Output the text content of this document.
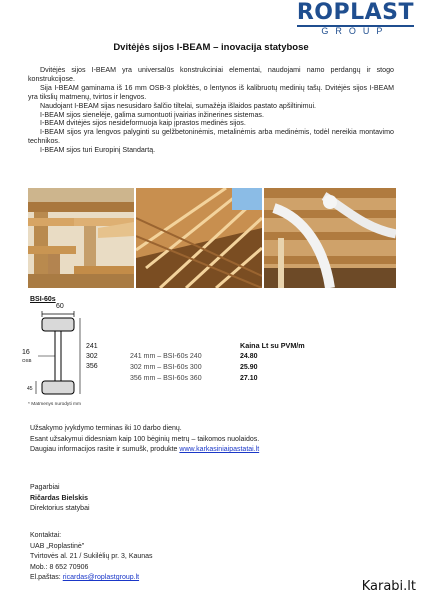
ROPLAST
GROUP
Dvitėjės sijos I-BEAM – inovacija statybose

Dvitėjės sijos I-BEAM yra universalūs konstrukciniai elementai, naudojami namo perdangų ir stogo konstrukcijose.

Sija I-BEAM gaminama iš 16 mm OSB-3 plokštės, o lentynos iš kalibruotų medinių tašų. Dvitėjės sijos I-BEAM yra tikslių matmenų, tvirtos ir lengvos.

Naudojant I-BEAM sijas nesusidaro šalčio tiltelai, sumažėja išlaidos pastato apšiltinimui.

I-BEAM sijos sienelėje, galima sumontuoti įvairias inžinerines sistemas.

I-BEAM dvitėjės sijos nesideformuoja kaip įprastos medinės sijos.

I-BEAM sijos yra lengvos palyginti su gelžbetoninėmis, metalinėmis arba medinėmis, todėl nereikia montavimo technikos.

I-BEAM sijos turi Europinį Standartą.

BSI-60s
60
16
OSB
241
302
356
45
Kaina Lt su PVM/m
241 mm – BSI-60s 240	24.80
302 mm – BSI-60s 300	25.90
356 mm – BSI-60s 360	27.10
* Matmenys nurodyti mm
Užsakymo įvykdymo terminas iki 10 darbo dienų.
Esant užsakymui didesniam kaip 100 bėginių metrų – taikomos nuolaidos.
Daugiau informacijos rasite ir sumušk, produkte www.karkasiniaipastatai.lt
Pagarbiai
Ričardas Bielskis
Direktorius statybai
Kontaktai:
UAB „Roplastinė"
Tvirtovės al. 21 / Sukilėlių pr. 3, Kaunas
Mob.: 8 652 70906
El.paštas: ricardas@roplastgroup.lt
Karabi.lt
